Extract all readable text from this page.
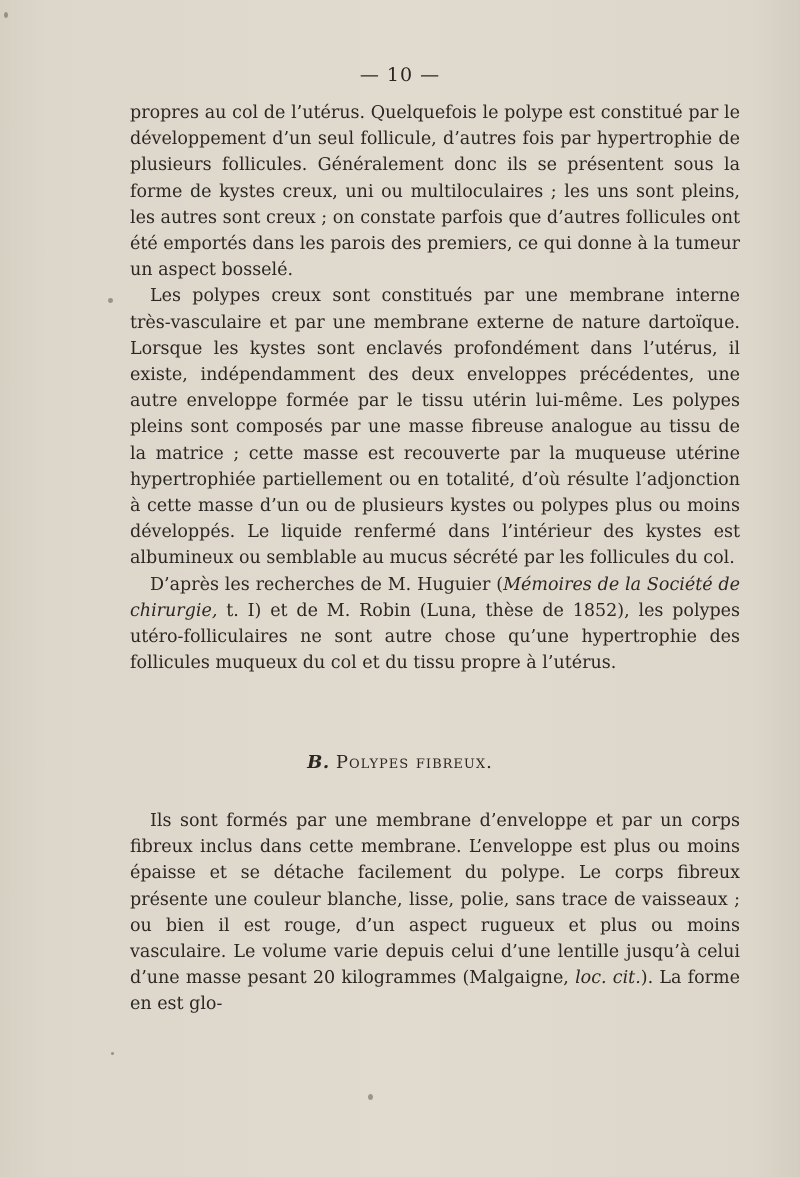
— 10 —

propres au col de l’utérus. Quelquefois le polype est constitué par le développement d’un seul follicule, d’autres fois par hypertrophie de plusieurs follicules. Généralement donc ils se présentent sous la forme de kystes creux, uni ou multiloculaires ; les uns sont pleins, les autres sont creux ; on constate parfois que d’autres follicules ont été emportés dans les parois des premiers, ce qui donne à la tumeur un aspect bosselé.

Les polypes creux sont constitués par une membrane interne très-vasculaire et par une membrane externe de nature dartoïque. Lorsque les kystes sont enclavés profondément dans l’utérus, il existe, indépendamment des deux enveloppes précédentes, une autre enveloppe formée par le tissu utérin lui-même. Les polypes pleins sont composés par une masse fibreuse analogue au tissu de la matrice ; cette masse est recouverte par la muqueuse utérine hypertrophiée partiellement ou en totalité, d’où résulte l’adjonction à cette masse d’un ou de plusieurs kystes ou polypes plus ou moins développés. Le liquide renfermé dans l’intérieur des kystes est albumineux ou semblable au mucus sécrété par les follicules du col.

D’après les recherches de M. Huguier (Mémoires de la Société de chirurgie, t. I) et de M. Robin (Luna, thèse de 1852), les polypes utéro-folliculaires ne sont autre chose qu’une hypertrophie des follicules muqueux du col et du tissu propre à l’utérus.

B. Polypes fibreux.

Ils sont formés par une membrane d’enveloppe et par un corps fibreux inclus dans cette membrane. L’enveloppe est plus ou moins épaisse et se détache facilement du polype. Le corps fibreux présente une couleur blanche, lisse, polie, sans trace de vaisseaux ; ou bien il est rouge, d’un aspect rugueux et plus ou moins vasculaire. Le volume varie depuis celui d’une lentille jusqu’à celui d’une masse pesant 20 kilogrammes (Malgaigne, loc. cit.). La forme en est glo-
